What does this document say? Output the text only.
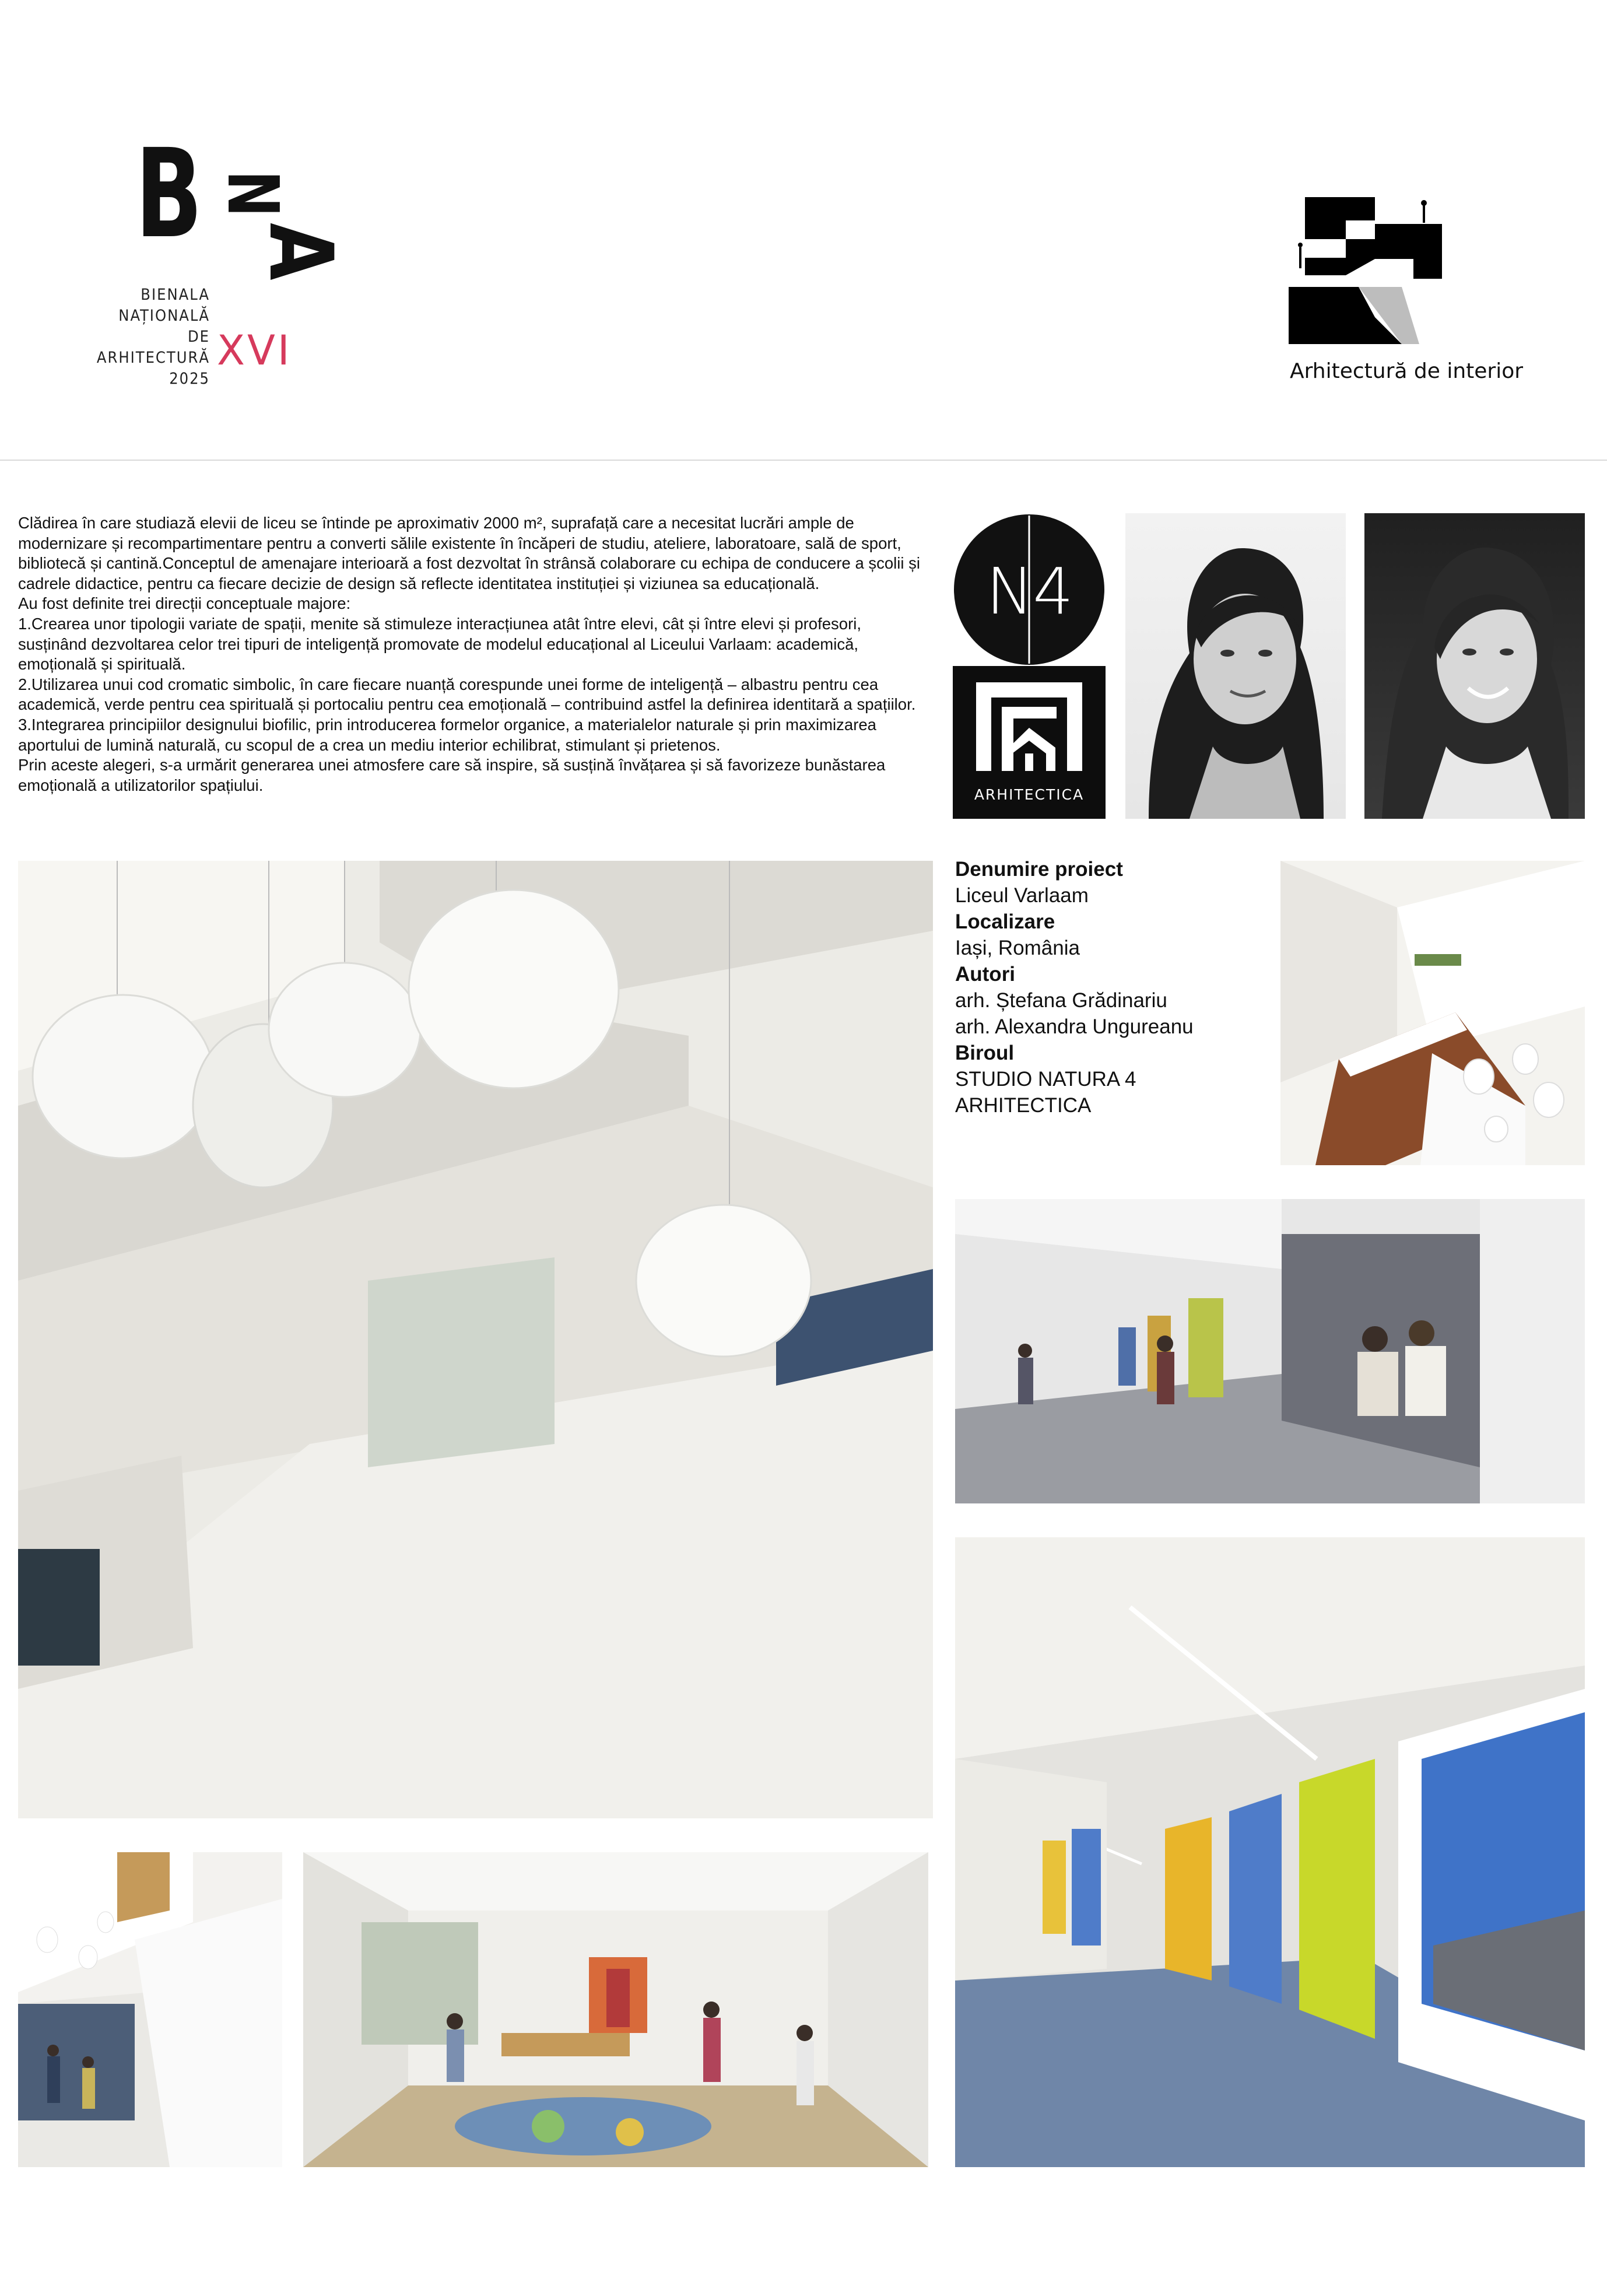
B N
A
BIENALA
NAȚIONALĂ
DE
ARHITECTURĂ
2025
XVI	Arhitectură de interior

Clădirea în care studiază elevii de liceu se întinde pe aproximativ 2000 m², suprafață care a necesitat lucrări ample de modernizare și recompartimentare pentru a converti sălile existente în încăperi de studiu, ateliere, laboratoare, sală de sport, bibliotecă și cantină.Conceptul de amenajare interioară a fost dezvoltat în strânsă colaborare cu echipa de conducere a școlii și cadrele didactice, pentru ca fiecare decizie de design să reflecte identitatea instituției și viziunea sa educațională.

Au fost definite trei direcții conceptuale majore:

1.Crearea unor tipologii variate de spații, menite să stimuleze interacțiunea atât între elevi, cât și între elevi și profesori, susținând dezvoltarea celor trei tipuri de inteligență promovate de modelul educațional al Liceului Varlaam: academică, emoțională și spirituală.

2.Utilizarea unui cod cromatic simbolic, în care fiecare nuanță corespunde unei forme de inteligență – albastru pentru cea academică, verde pentru cea spirituală și portocaliu pentru cea emoțională – contribuind astfel la definirea identitară a spațiilor.

3.Integrarea principiilor designului biofilic, prin introducerea formelor organice, a materialelor naturale și prin maximizarea aportului de lumină naturală, cu scopul de a crea un mediu interior echilibrat, stimulant și prietenos.

Prin aceste alegeri, s-a urmărit generarea unei atmosfere care să inspire, să susțină învățarea și să favorizeze bunăstarea emoțională a utilizatorilor spațiului.

N4
ARHITECTICA
Denumire proiect
Liceul Varlaam
Localizare
Iași, România
Autori
arh. Ștefana Grădinariu
arh. Alexandra Ungureanu
Biroul
STUDIO NATURA 4
ARHITECTICA
